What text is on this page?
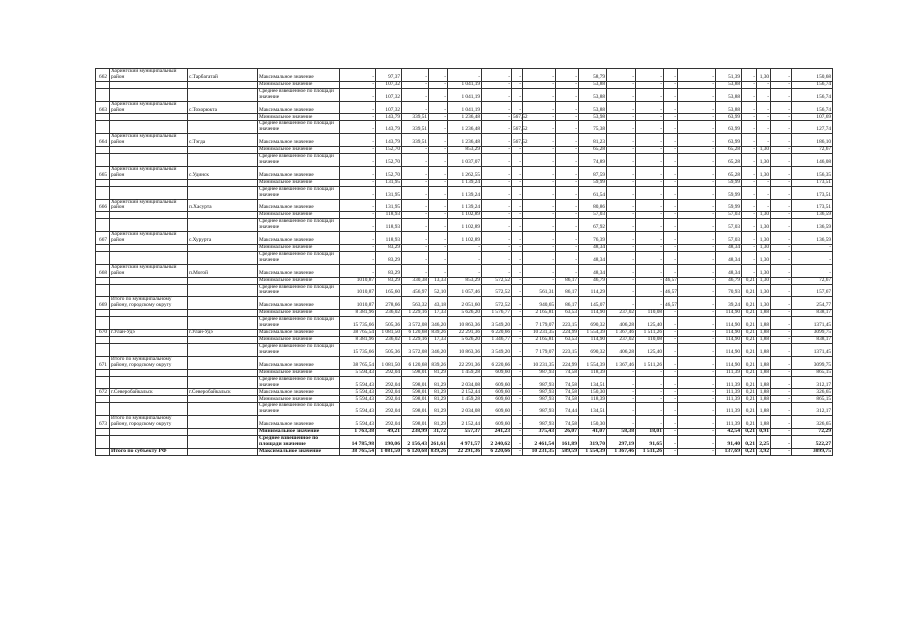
662	Хорингский муниципальный район	с.Тарбагатай	Максимальное значение	-	97,37	-	-	-	-	-	-	-	58,79	-	-	-	-	51,39	-	1,30	-	150,68
			Минимальное значение	-	107,32	-	-	1 041,19	-	-	-	-	53,88	-	-	-	-	53,88	-	-	-	156,74
			Среднее взвешенное по площади значение	-	107,32	-	-	1 041,19	-	-	-	-	53,88	-	-	-	-	53,88	-	-	-	156,74
663	Хорингский муниципальный район	с.Тохорюкта	Максимальное значение	-	107,32	-	-	1 041,19	-	-	-	-	53,88	-	-	-	-	53,88	-	-	-	156,74
			Минимальное значение	-	143,79	339,51	-	1 236,48	-	567,52	-	-	53,98	-	-	-	-	63,99	-	-	-	107,69
			Среднее взвешенное по площади значение	-	143,79	339,51	-	1 236,48	-	567,52	-	-	75,38	-	-	-	-	63,99	-	-	-	127,74
664	Хорингский муниципальный район	с.Тэгда	Максимальное значение	-	143,79	339,51	-	1 236,48	-	567,52	-	-	81,23	-	-	-	-	63,99	-	-	-	186,10
			Минимальное значение	-	152,70	-	-	853,29	-	-	-	-	65,28	-	-	-	-	65,28	-	1,30	-	72,67
			Среднее взвешенное по площади значение	-	152,70	-	-	1 037,07	-	-	-	-	74,89	-	-	-	-	65,28	-	1,30	-	146,08
665	Хорингский муниципальный район	с.Удинск	Максимальное значение	-	152,70	-	-	1 262,55	-	-	-	-	87,59	-	-	-	-	65,28	-	1,30	-	156,35
			Минимальное значение	-	131,95	-	-	1 139,24	-	-	-	-	59,99	-	-	-	-	59,99	-	-	-	173,51
			Среднее взвешенное по площади значение	-	131,95	-	-	1 139,24	-	-	-	-	61,54	-	-	-	-	59,99	-	-	-	173,51
666	Хорингский муниципальный район	п.Хасурта	Максимальное значение	-	131,95	-	-	1 139,24	-	-	-	-	80,86	-	-	-	-	59,99	-	-	-	173,51
			Минимальное значение	-	118,93	-	-	1 102,89	-	-	-	-	57,03	-	-	-	-	57,03	-	1,30	-	136,59
			Среднее взвешенное по площади значение	-	118,93	-	-	1 102,89	-	-	-	-	67,92	-	-	-	-	57,03	-	1,30	-	136,59
667	Хорингский муниципальный район	с.Хурурта	Максимальное значение	-	118,93	-	-	1 102,89	-	-	-	-	76,39	-	-	-	-	57,03	-	1,30	-	136,59
			Минимальное значение	-	83,29	-	-	-	-	-	-	-	48,34	-	-	-	-	48,34	-	1,30	-	-
			Среднее взвешенное по площади значение	-	83,29	-	-	-	-	-	-	-	48,34	-	-	-	-	48,34	-	1,30	-	-
668	Хорингский муниципальный район	п.Могой	Максимальное значение	-	83,29	-	-	-	-	-	-	-	48,34	-	-	-	-	48,34	-	1,30	-	-
			Минимальное значение	1010,87	83,29	330,38	13,33	853,29	572,52	-	-	86,17	46,79	-	-	46,57	-	46,79	0,21	1,30	-	72,67
			Среднее взвешенное по площади значение	1010,87	165,60	456,97	52,10	1 057,46	572,52	-	561,31	86,17	114,29	-	-	46,57	-	70,93	0,21	1,30	-	157,67
669	Итого по муниципальному району, городскому округу		Максимальное значение	1010,87	278,66	563,32	43,18	2 051,60	572,52	-	940,65	86,17	145,07	-	-	46,57	-	39,24	0,21	1,30	-	254,77
			Минимальное значение	8 381,96	236,02	1 229,16	17,33	5 626,20	1 576,77	-	2 165,81	63,53	114,90	237,02	110,08	-	-	114,90	0,21	1,88	-	838,17
			Среднее взвешенное по площади значение	15 735,66	505,36	3 572,08	346,20	10 863,36	3 549,20	-	7 179,07	223,15	690,32	406,28	125,40	-	-	114,90	0,21	1,88	-	1371,45
670	г.Улан-Удэ	г.Улан-Удэ	Максимальное значение	38 765,54	1 081,50	6 120,68	839,26	22 291,36	6 220,66	-	10 231,35	224,99	1 554,39	1 367,46	1 511,26	-	-	114,90	0,21	1,88	-	3099,75
			Минимальное значение	8 381,96	236,02	1 229,16	17,33	5 626,20	1 346,77	-	2 165,81	63,53	114,90	237,02	110,08	-	-	114,90	0,21	1,88	-	838,17
			Среднее взвешенное по площади значение	15 735,66	505,36	3 572,08	346,20	10 863,36	3 549,20	-	7 179,07	223,15	690,32	406,28	125,40	-	-	114,90	0,21	1,88	-	1371,45
671	Итого по муниципальному району, городскому округу		Максимальное значение	38 765,54	1 081,50	6 120,68	839,26	22 291,36	6 220,66	-	10 231,35	224,99	1 554,39	1 367,46	1 511,26	-	-	114,90	0,21	1,88	-	3099,75
			Минимальное значение	5 594,43	292,04	598,01	81,29	1 459,28	609,60	-	987,93	74,58	118,39	-	-	-	-	111,39	0,21	1,88	-	865,15
			Среднее взвешенное по площади значение	5 594,43	292,04	598,01	81,29	2 034,08	609,60	-	987,93	74,58	134,51	-	-	-	-	111,39	0,21	1,88	-	312,17
672	г.Северобайкальск	г.Северобайкальск	Максимальное значение	5 594,43	292,04	598,01	81,29	2 152,44	609,60	-	987,93	74,58	150,30	-	-	-	-	111,39	0,21	1,88	-	326,65
			Минимальное значение	5 594,43	292,04	598,01	81,29	1 459,28	609,60	-	987,93	74,58	118,39	-	-	-	-	111,39	0,21	1,88	-	865,15
			Среднее взвешенное по площади значение	5 594,43	292,04	598,01	81,29	2 034,08	609,60	-	987,93	74,44	134,51	-	-	-	-	111,39	0,21	1,88	-	312,17
673	Итого по муниципальному району, городскому округу		Максимальное значение	5 594,43	292,04	598,01	81,29	2 152,44	609,60	-	987,93	74,58	150,30	-	-	-	-	111,39	0,21	1,88	-	326,65
			Минимальное значение	1 763,38	49,21	238,99	31,72	557,37	241,23	-	375,43	26,07	41,07	58,38	18,01	-	-	42,54	0,21	0,91	-	72,29
			Среднее взвешенное по площади значение	14 785,98	190,06	2 156,43	261,61	4 971,57	2 240,62	-	2 461,54	161,89	319,70	297,19	91,65	-	-	91,40	0,21	2,25	-	522,27
	Итого по субъекту РФ		Максимальное значение	38 765,54	1 081,50	6 120,68	839,26	22 291,36	6 220,66	-	10 231,35	589,59	1 554,39	1 367,46	1 511,26	-	-	137,69	0,21	3,92	-	3099,75
